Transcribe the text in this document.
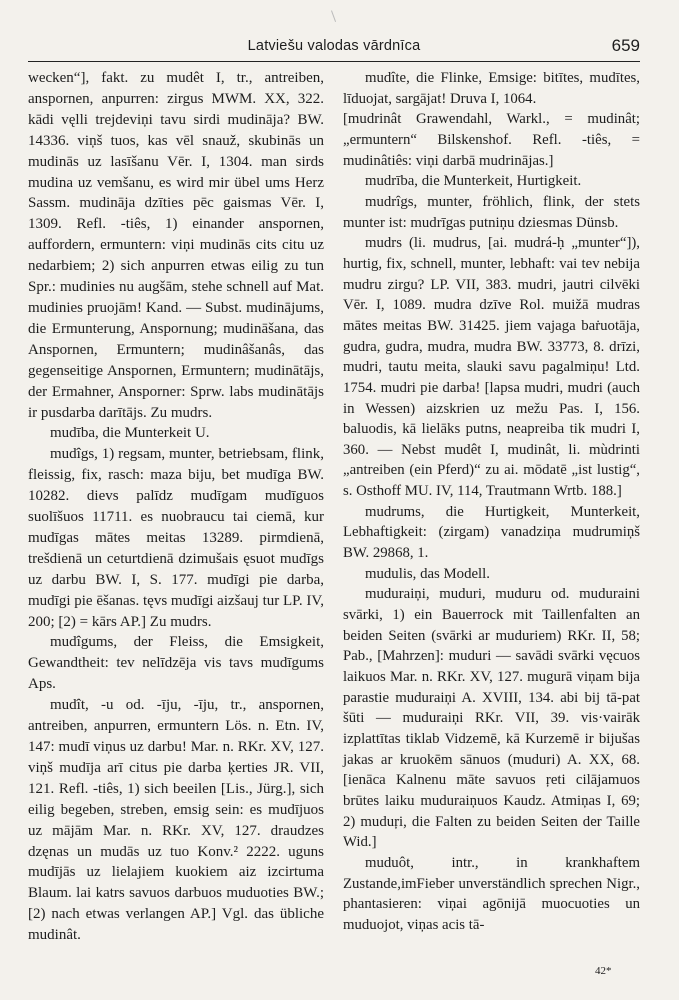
Latviešu valodas vārdnīca	659

wecken“], fakt. zu mudêt I, tr., antreiben, anspornen, anpurren: zirgus MWM. XX, 322. kādi vęlli trejdeviņi tavu sirdi mudināja? BW. 14336. viņš tuos, kas vēl snauž, skubinās un mudinās uz lasīšanu Vēr. I, 1304. man sirds mudina uz vemšanu, es wird mir übel ums Herz Sassm. mudināja dzīties pēc gaismas Vēr. I, 1309. Refl. -tiês, 1) einander anspornen, auffordern, ermuntern: viņi mudinās cits citu uz nedarbiem; 2) sich anpurren etwas eilig zu tun Spr.: mudinies nu augšām, stehe schnell auf Mat. mudinies pruojām! Kand. — Subst. mudinājums, die Ermunterung, Anspornung; mudināšana, das Anspornen, Ermuntern; mudinâšanâs, das gegenseitige Anspornen, Ermuntern; mudinātājs, der Ermahner, Ansporner: Sprw. labs mudinātājs ir pusdarba darītājs. Zu mudrs.

mudība, die Munterkeit U.

mudîgs, 1) regsam, munter, betriebsam, flink, fleissig, fix, rasch: maza biju, bet mudīga BW. 10282. dievs palīdz mudīgam mudīguos suolīšuos 11711. es nuobraucu tai ciemā, kur mudīgas mātes meitas 13289. pirmdienā, trešdienā un ceturtdienā dzimušais ęsuot mudīgs uz darbu BW. I, S. 177. mudīgi pie darba, mudīgi pie ēšanas. tęvs mudīgi aizšauj tur LP. IV, 200; [2) = kārs AP.] Zu mudrs.

mudîgums, der Fleiss, die Emsigkeit, Gewandtheit: tev nelīdzēja vis tavs mudīgums Aps.

mudît, -u od. -īju, -īju, tr., anspornen, antreiben, anpurren, ermuntern Lös. n. Etn. IV, 147: mudī viņus uz darbu! Mar. n. RKr. XV, 127. viņš mudīja arī citus pie darba ķerties JR. VII, 121. Refl. -tiês, 1) sich beeilen [Lis., Jürg.], sich eilig begeben, streben, emsig sein: es mudījuos uz mājām Mar. n. RKr. XV, 127. draudzes dzęnas un mudās uz tuo Konv.² 2222. uguns mudījās uz lielajiem kuokiem aiz izcirtuma Blaum. lai katrs savuos darbuos muduoties BW.; [2) nach etwas verlangen AP.] Vgl. das übliche mudinât.

mudîte, die Flinke, Emsige: bitītes, mudītes, līduojat, sargājat! Druva I, 1064.

[mudrinât Grawendahl, Warkl., = mudinât; „ermuntern“ Bilskenshof. Refl. -tiês, = mudinâtiês: viņi darbā mudrinājas.]

mudrība, die Munterkeit, Hurtigkeit.

mudrîgs, munter, fröhlich, flink, der stets munter ist: mudrīgas putniņu dziesmas Dünsb.

mudrs (li. mudrus, [ai. mudrá-ḥ „munter“]), hurtig, fix, schnell, munter, lebhaft: vai tev nebija mudru zirgu? LP. VII, 383. mudri, jautri cilvēki Vēr. I, 1089. mudra dzīve Rol. muižā mudras mātes meitas BW. 31425. jiem vajaga baṙuotāja, gudra, gudra, mudra, mudra BW. 33773, 8. drīzi, mudri, tautu meita, slauki savu pagalmiņu! Ltd. 1754. mudri pie darba! [lapsa mudri, mudri (auch in Wessen) aizskrien uz mežu Pas. I, 156. baluodis, kā lielāks putns, neapreiba tik mudri I, 360. — Nebst mudêt I, mudinât, li. mùdrinti „antreiben (ein Pferd)“ zu ai. mōdatē „ist lustig“, s. Osthoff MU. IV, 114, Trautmann Wrtb. 188.]

mudrums, die Hurtigkeit, Munterkeit, Lebhaftigkeit: (zirgam) vanadziņa mudrumiņš BW. 29868, 1.

mudulis, das Modell.

muduraiņi, muduri, muduru od. muduraini svārki, 1) ein Bauerrock mit Taillenfalten an beiden Seiten (svārki ar muduriem) RKr. II, 58; Pab., [Mahrzen]: muduri — savādi svārki vęcuos laikuos Mar. n. RKr. XV, 127. mugurā viņam bija parastie muduraiņi A. XVIII, 134. abi bij tā-pat šūti — muduraiņi RKr. VII, 39. vis·vairāk izplattītas tiklab Vidzemē, kā Kurzemē ir bijušas jakas ar kruokēm sānuos (muduri) A. XX, 68. [ienāca Kalnenu māte savuos ŗeti cilājamuos brūtes laiku muduraiņuos Kaudz. Atmiņas I, 69; 2) muduŗi, die Falten zu beiden Seiten der Taille Wid.]

muduôt, intr., in krankhaftem Zustande,imFieber unverständlich sprechen Nigr., phantasieren: viņai agōnijā muocuoties un muduojot, viņas acis tā-

42*
